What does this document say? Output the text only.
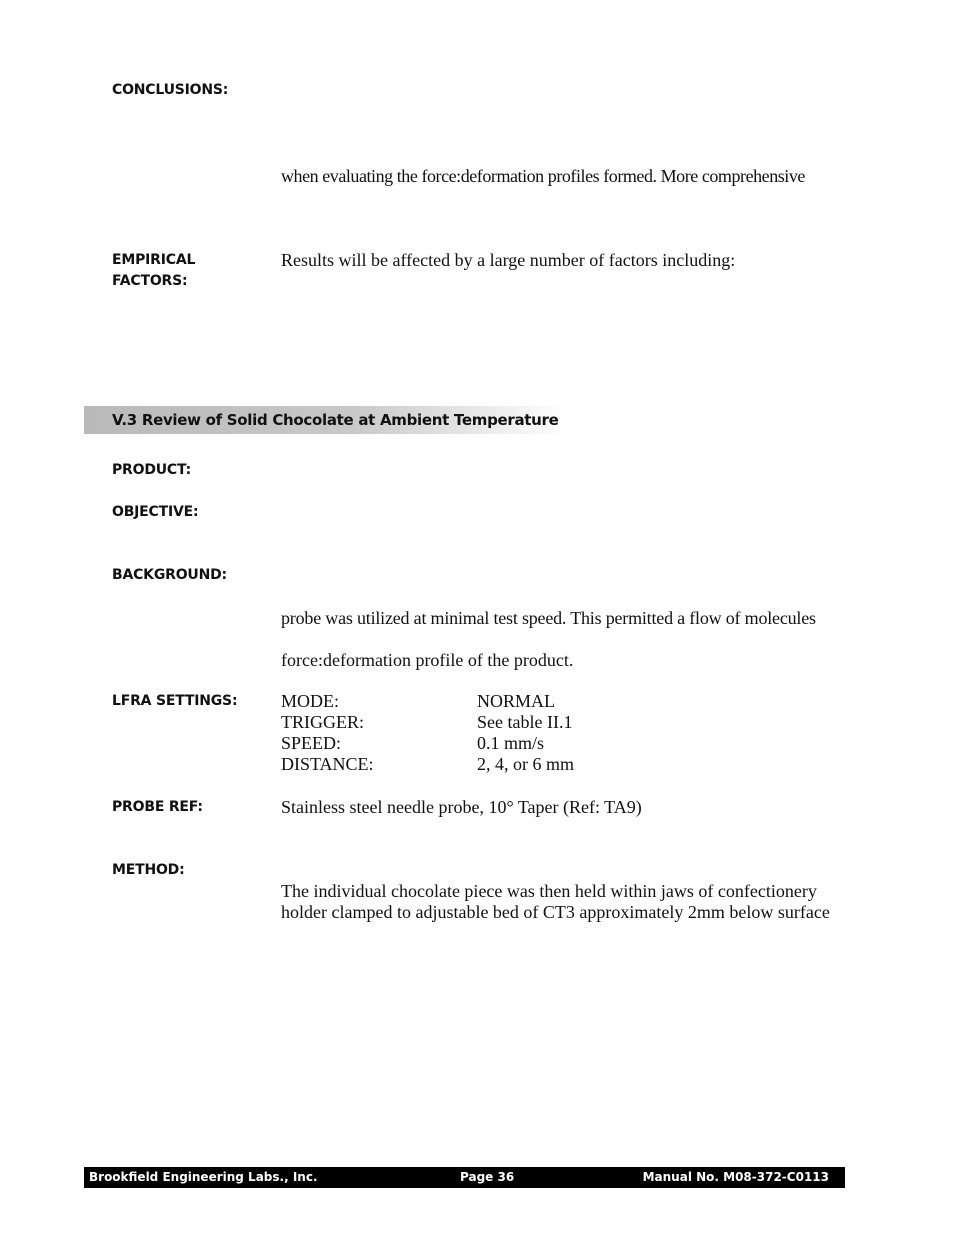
CONCLUSIONS:
when evaluating the force:deformation profiles formed. More comprehensive
EMPIRICAL
FACTORS:
Results will be affected by a large number of factors including:
V.3 Review of Solid Chocolate at Ambient Temperature
PRODUCT:
OBJECTIVE:
BACKGROUND:
probe was utilized at minimal test speed. This permitted a flow of molecules
force:deformation profile of the product.
LFRA SETTINGS: MODE:	NORMAL
TRIGGER:	See table II.1
SPEED:	0.1 mm/s
DISTANCE:	2, 4, or 6 mm
PROBE REF:	Stainless steel needle probe, 10° Taper (Ref: TA9)
METHOD:
The individual chocolate piece was then held within jaws of confectionery
holder clamped to adjustable bed of CT3 approximately 2mm below surface
Brookfield Engineering Labs., Inc.	Page 36	Manual No. M08-372-C0113
